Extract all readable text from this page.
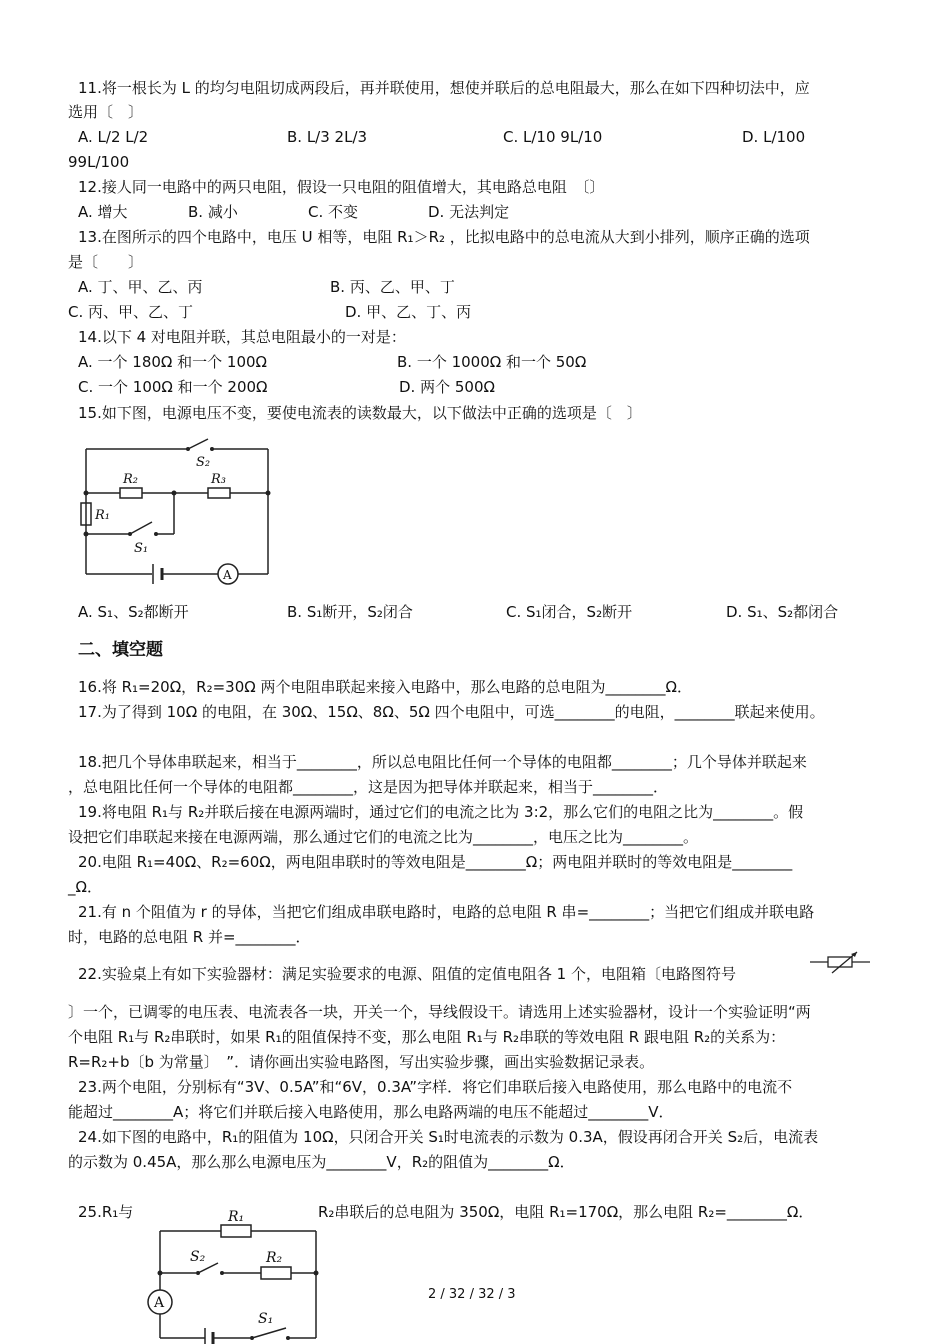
11.将一根长为 L 的均匀电阻切成两段后，再并联使用，想使并联后的总电阻最大，那么在如下四种切法中，应
选用〔　〕
A. L/2 L/2	B. L/3 2L/3	C. L/10 9L/10	D. L/100
99L/100
12.接人同一电路中的两只电阻，假设一只电阻的阻值增大，其电路总电阻　〔〕
A. 增大	B. 减小	C. 不变	D. 无法判定
13.在图所示的四个电路中，电压 U 相等，电阻 R₁＞R₂ ，比拟电路中的总电流从大到小排列，顺序正确的选项
是〔　　〕
A. 丁、甲、乙、丙	B. 丙、乙、甲、丁
C. 丙、甲、乙、丁	D. 甲、乙、丁、丙
14.以下 4 对电阻并联，其总电阻最小的一对是：
A. 一个 180Ω 和一个 100Ω	B. 一个 1000Ω 和一个 50Ω
C. 一个 100Ω 和一个 200Ω	D. 两个 500Ω
15.如下图，电源电压不变，要使电流表的读数最大，以下做法中正确的选项是〔　〕
S₂
R₂	R₃
R₁
S₁
A
A. S₁、S₂都断开	B. S₁断开，S₂闭合	C. S₁闭合，S₂断开	D. S₁、S₂都闭合
二、填空题
16.将 R₁=20Ω，R₂=30Ω 两个电阻串联起来接入电路中，那么电路的总电阻为________Ω．
17.为了得到 10Ω 的电阻，在 30Ω、15Ω、8Ω、5Ω 四个电阻中，可选________的电阻，________联起来使用。
18.把几个导体串联起来，相当于________，所以总电阻比任何一个导体的电阻都________；几个导体并联起来
，总电阻比任何一个导体的电阻都________，这是因为把导体并联起来，相当于________．
19.将电阻 R₁与 R₂并联后接在电源两端时，通过它们的电流之比为 3:2，那么它们的电阻之比为________。假
设把它们串联起来接在电源两端，那么通过它们的电流之比为________，电压之比为________。
20.电阻 R₁=40Ω、R₂=60Ω，两电阻串联时的等效电阻是________Ω；两电阻并联时的等效电阻是________
_Ω．
21.有 n 个阻值为 r 的导体，当把它们组成串联电路时，电路的总电阻 R 串=________；当把它们组成并联电路
时，电路的总电阻 R 并=________．
22.实验桌上有如下实验器材：满足实验要求的电源、阻值的定值电阻各 1 个，电阻箱〔电路图符号
〕一个，已调零的电压表、电流表各一块，开关一个，导线假设干。请选用上述实验器材，设计一个实验证明“两
个电阻 R₁与 R₂串联时，如果 R₁的阻值保持不变，那么电阻 R₁与 R₂串联的等效电阻 R 跟电阻 R₂的关系为：
R=R₂+b〔b 为常量〕　”．请你画出实验电路图，写出实验步骤，画出实验数据记录表。
23.两个电阻，分别标有“3V、0.5A”和“6V，0.3A”字样．将它们串联后接入电路使用，那么电路中的电流不
能超过________A；将它们并联后接入电路使用，那么电路两端的电压不能超过________V．
24.如下图的电路中，R₁的阻值为 10Ω，只闭合开关 S₁时电流表的示数为 0.3A，假设再闭合开关 S₂后，电流表
的示数为 0.45A，那么那么电源电压为________V，R₂的阻值为________Ω．
25.R₁与	R₂串联后的总电阻为 350Ω，电阻 R₁=170Ω，那么电阻 R₂=________Ω．
R₁
S₂	R₂
A
S₁
2 / 32 / 32 / 3
